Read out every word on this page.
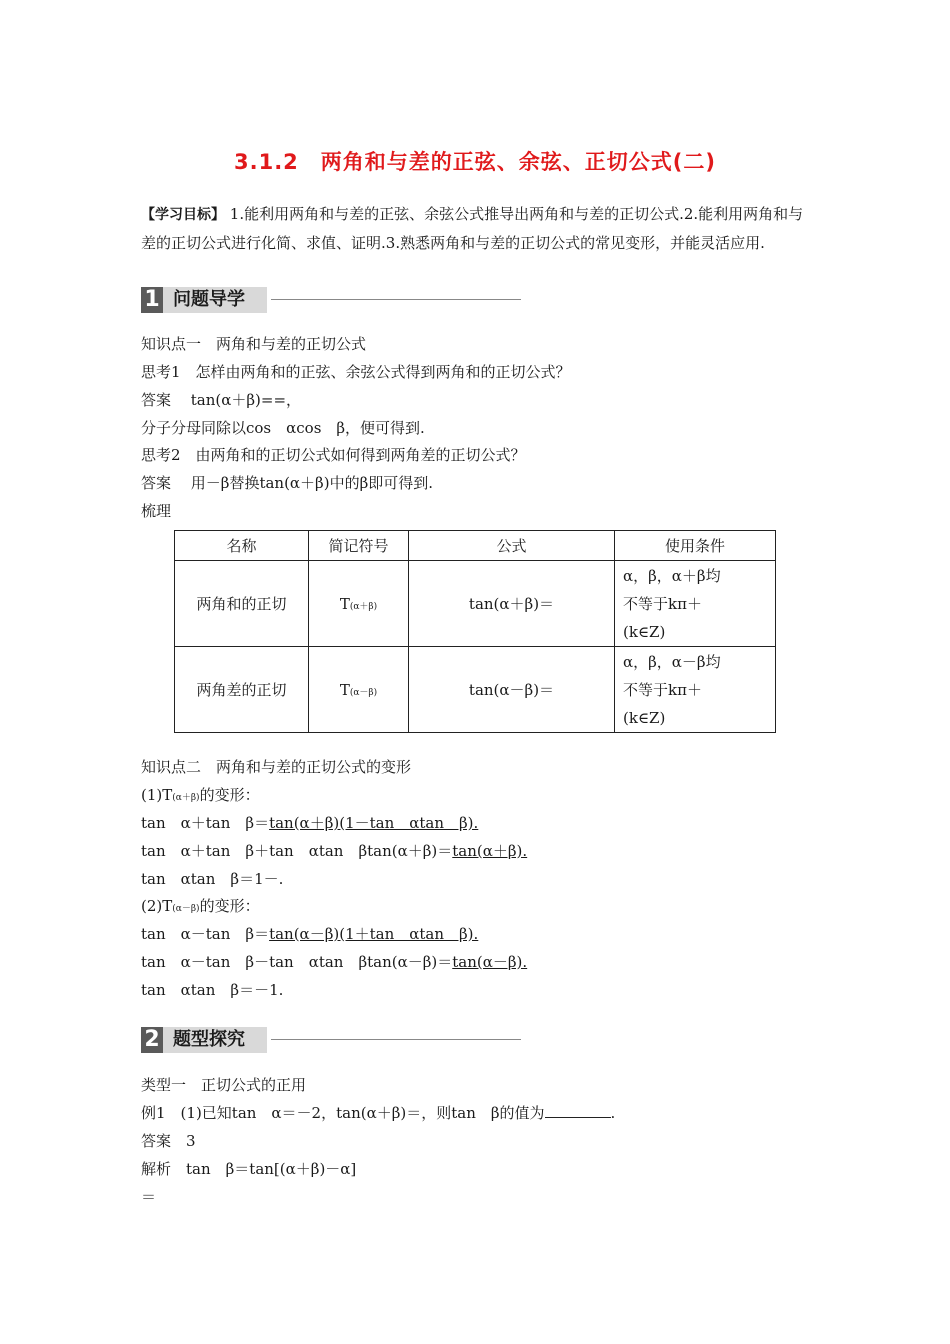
3.1.2　两角和与差的正弦、余弦、正切公式(二)
【学习目标】 1.能利用两角和与差的正弦、余弦公式推导出两角和与差的正切公式.2.能利用两角和与差的正切公式进行化简、求值、证明.3.熟悉两角和与差的正切公式的常见变形，并能灵活应用.
1 问题导学
知识点一　两角和与差的正切公式
思考1　怎样由两角和的正弦、余弦公式得到两角和的正切公式？
答案　 tan(α＋β)==，
分子分母同除以cos　αcos　β，便可得到.
思考2　由两角和的正切公式如何得到两角差的正切公式？
答案　 用－β替换tan(α＋β)中的β即可得到.
梳理
名称	简记符号	公式	使用条件
两角和的正切	T(α＋β)	tan(α＋β)＝	α，β，α＋β均
不等于kπ＋
(k∈Z)

两角差的正切	T(α－β)	tan(α－β)＝	α，β，α－β均
不等于kπ＋
(k∈Z)
知识点二　两角和与差的正切公式的变形
(1)T(α＋β)的变形：
tan　α＋tan　β＝tan(α＋β)(1－tan　αtan　β).
tan　α＋tan　β＋tan　αtan　βtan(α＋β)＝tan(α＋β).
tan　αtan　β＝1－.
(2)T(α－β)的变形：
tan　α－tan　β＝tan(α－β)(1＋tan　αtan　β).
tan　α－tan　β－tan　αtan　βtan(α－β)＝tan(α－β).
tan　αtan　β＝－1.
2 题型探究
类型一　正切公式的正用
例1　(1)已知tan　α＝－2，tan(α＋β)＝，则tan　β的值为	.
答案　3
解析　tan　β＝tan[(α＋β)－α]
＝
